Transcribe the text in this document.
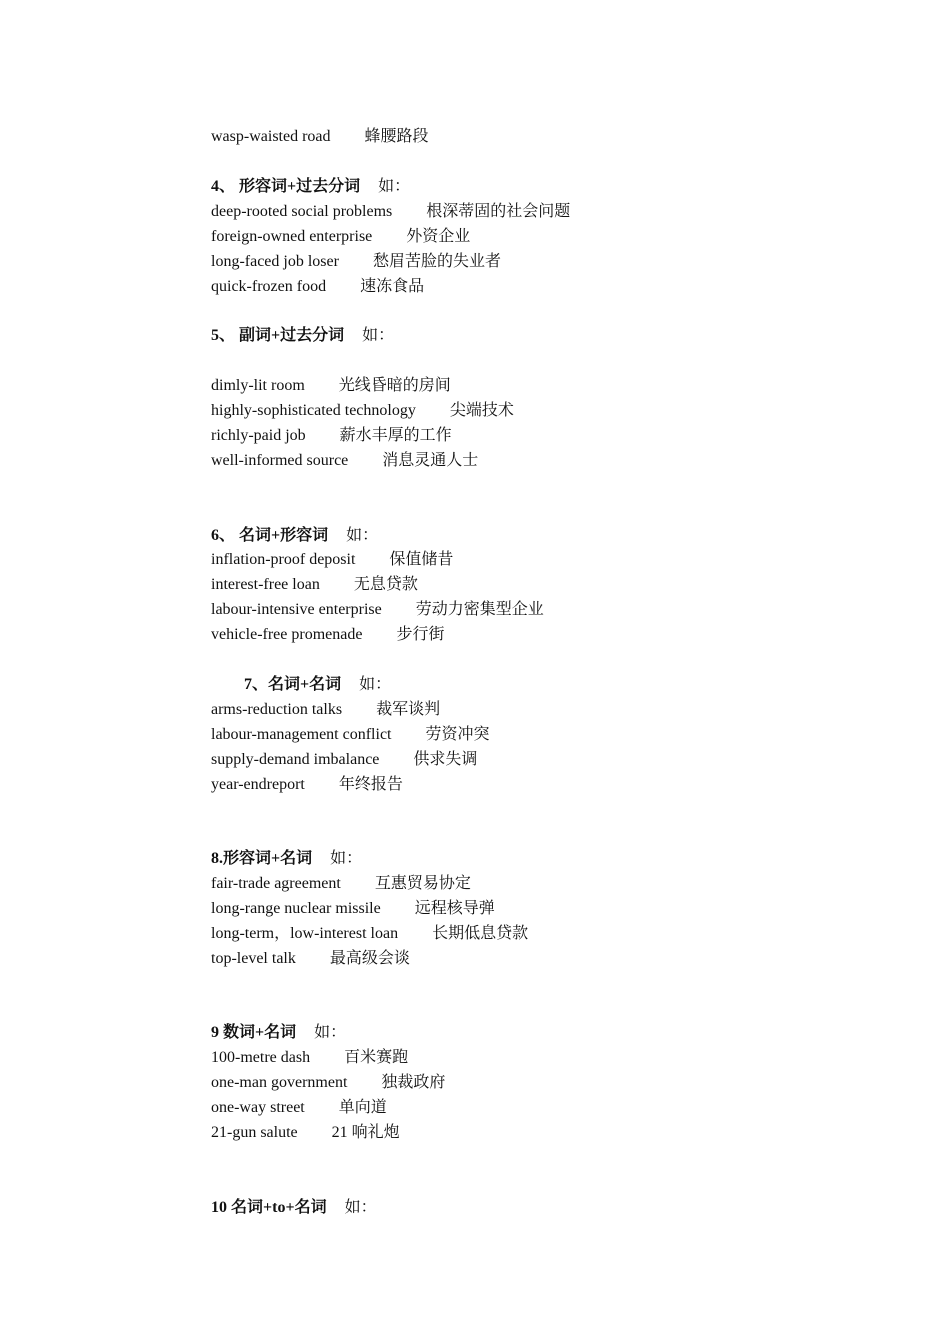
wasp-waisted road 蜂腰路段
4、 形容词+过去分词 如：
deep-rooted social problems 根深蒂固的社会问题
foreign-owned enterprise 外资企业
long-faced job loser 愁眉苦脸的失业者
quick-frozen food 速冻食品
5、 副词+过去分词 如：
dimly-lit room 光线昏暗的房间
highly-sophisticated technology 尖端技术
richly-paid job 薪水丰厚的工作
well-informed source 消息灵通人士
6、 名词+形容词 如：
inflation-proof deposit 保值储昔
interest-free loan 无息贷款
labour-intensive enterprise 劳动力密集型企业
vehicle-free promenade 步行街
7、名词+名词 如：
arms-reduction talks 裁军谈判
labour-management conflict 劳资冲突
supply-demand imbalance 供求失调
year-endreport 年终报告
8.形容词+名词 如：
fair-trade agreement 互惠贸易协定
long-range nuclear missile 远程核导弹
long-term，low-interest loan 长期低息贷款
top-level talk 最高级会谈
9 数词+名词 如：
100-metre dash 百米赛跑
one-man government 独裁政府
one-way street 单向道
21-gun salute 21 响礼炮
10 名词+to+名词 如：
